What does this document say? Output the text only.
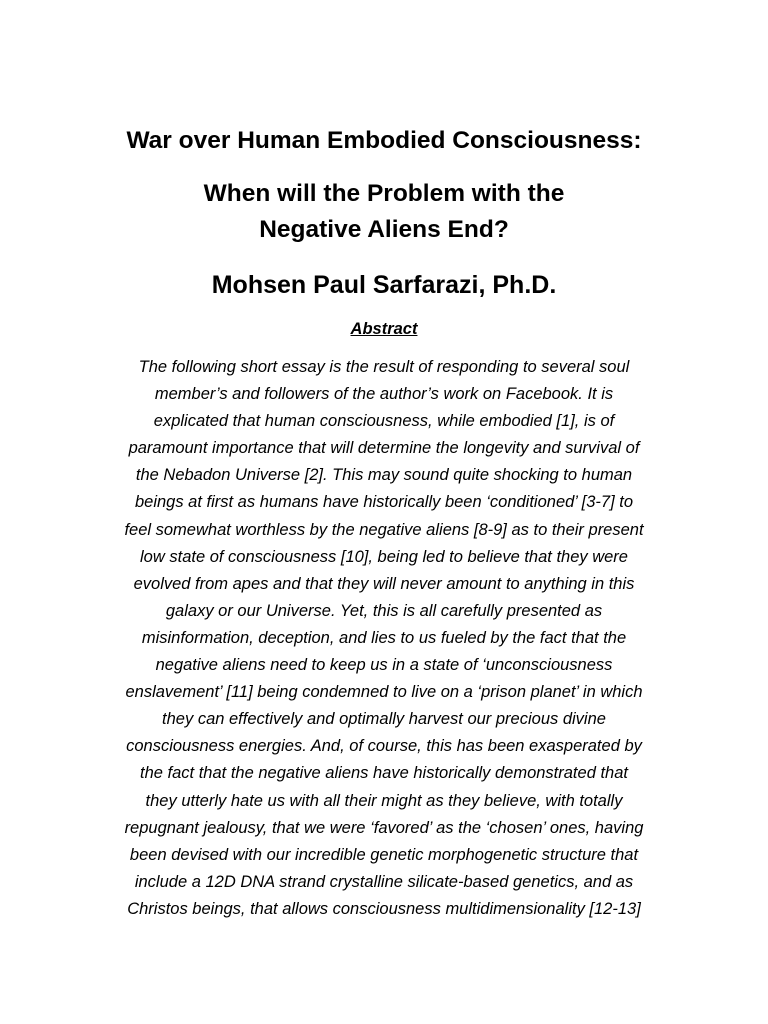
War over Human Embodied Consciousness:
When will the Problem with the
Negative Aliens End?
Mohsen Paul Sarfarazi, Ph.D.
Abstract
The following short essay is the result of responding to several soul
member’s and followers of the author’s work on Facebook. It is
explicated that human consciousness, while embodied [1], is of
paramount importance that will determine the longevity and survival of
the Nebadon Universe [2]. This may sound quite shocking to human
beings at first as humans have historically been ‘conditioned’ [3-7] to
feel somewhat worthless by the negative aliens [8-9] as to their present
low state of consciousness [10], being led to believe that they were
evolved from apes and that they will never amount to anything in this
galaxy or our Universe. Yet, this is all carefully presented as
misinformation, deception, and lies to us fueled by the fact that the
negative aliens need to keep us in a state of ‘unconsciousness
enslavement’ [11] being condemned to live on a ‘prison planet’ in which
they can effectively and optimally harvest our precious divine
consciousness energies. And, of course, this has been exasperated by
the fact that the negative aliens have historically demonstrated that
they utterly hate us with all their might as they believe, with totally
repugnant jealousy, that we were ‘favored’ as the ‘chosen’ ones, having
been devised with our incredible genetic morphogenetic structure that
include a 12D DNA strand crystalline silicate-based genetics, and as
Christos beings, that allows consciousness multidimensionality [12-13]
